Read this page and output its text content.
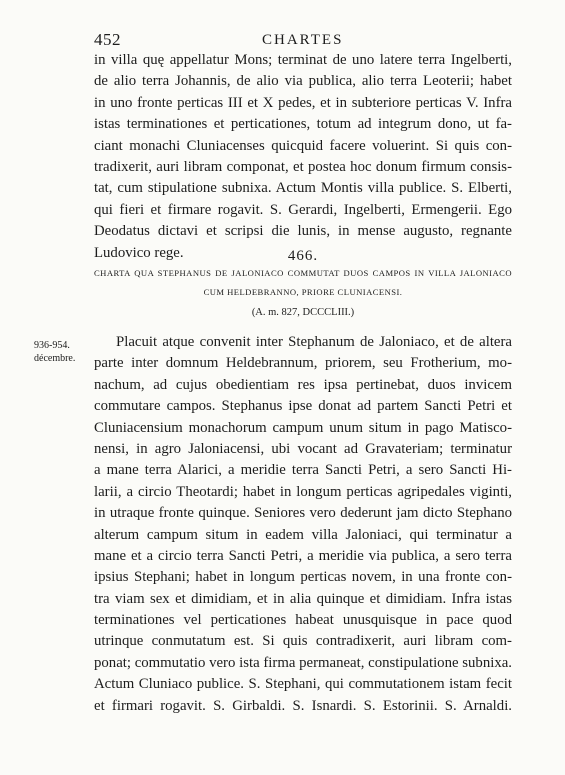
452	CHARTES
in villa quę appellatur Mons; terminat de uno latere terra Ingelberti,
de alio terra Johannis, de alio via publica, alio terra Leoterii; habet
in uno fronte perticas III et X pedes, et in subteriore perticas V. Infra
istas terminationes et perticationes, totum ad integrum dono, ut fa-
ciant monachi Cluniacenses quicquid facere voluerint. Si quis con-
tradixerit, auri libram componat, et postea hoc donum firmum consis-
tat, cum stipulatione subnixa. Actum Montis villa publice. S. Elberti,
qui fieri et firmare rogavit. S. Gerardi, Ingelberti, Ermengerii. Ego
Deodatus dictavi et scripsi die lunis, in mense augusto, regnante
Ludovico rege.	466.
CHARTA QUA STEPHANUS DE JALONIACO COMMUTAT DUOS CAMPOS IN VILLA JALONIACO
CUM HELDEBRANNO, PRIORE CLUNIACENSI.
(A. m. 827, DCCCLIII.)
936-954.
décembre.
Placuit atque convenit inter Stephanum de Jaloniaco, et de altera
parte inter domnum Heldebrannum, priorem, seu Frotherium, mo-
nachum, ad cujus obedientiam res ipsa pertinebat, duos invicem
commutare campos. Stephanus ipse donat ad partem Sancti Petri et
Cluniacensium monachorum campum unum situm in pago Matisco-
nensi, in agro Jaloniacensi, ubi vocant ad Gravateriam; terminatur
a mane terra Alarici, a meridie terra Sancti Petri, a sero Sancti Hi-
larii, a circio Theotardi; habet in longum perticas agripedales viginti,
in utraque fronte quinque. Seniores vero dederunt jam dicto Stephano
alterum campum situm in eadem villa Jaloniaci, qui terminatur a
mane et a circio terra Sancti Petri, a meridie via publica, a sero terra
ipsius Stephani; habet in longum perticas novem, in una fronte con-
tra viam sex et dimidiam, et in alia quinque et dimidiam. Infra istas
terminationes vel perticationes habeat unusquisque in pace quod
utrinque conmutatum est. Si quis contradixerit, auri libram com-
ponat; commutatio vero ista firma permaneat, constipulatione subnixa.
Actum Cluniaco publice. S. Stephani, qui commutationem istam fecit
et firmari rogavit. S. Girbaldi. S. Isnardi. S. Estorinii. S. Arnaldi.
